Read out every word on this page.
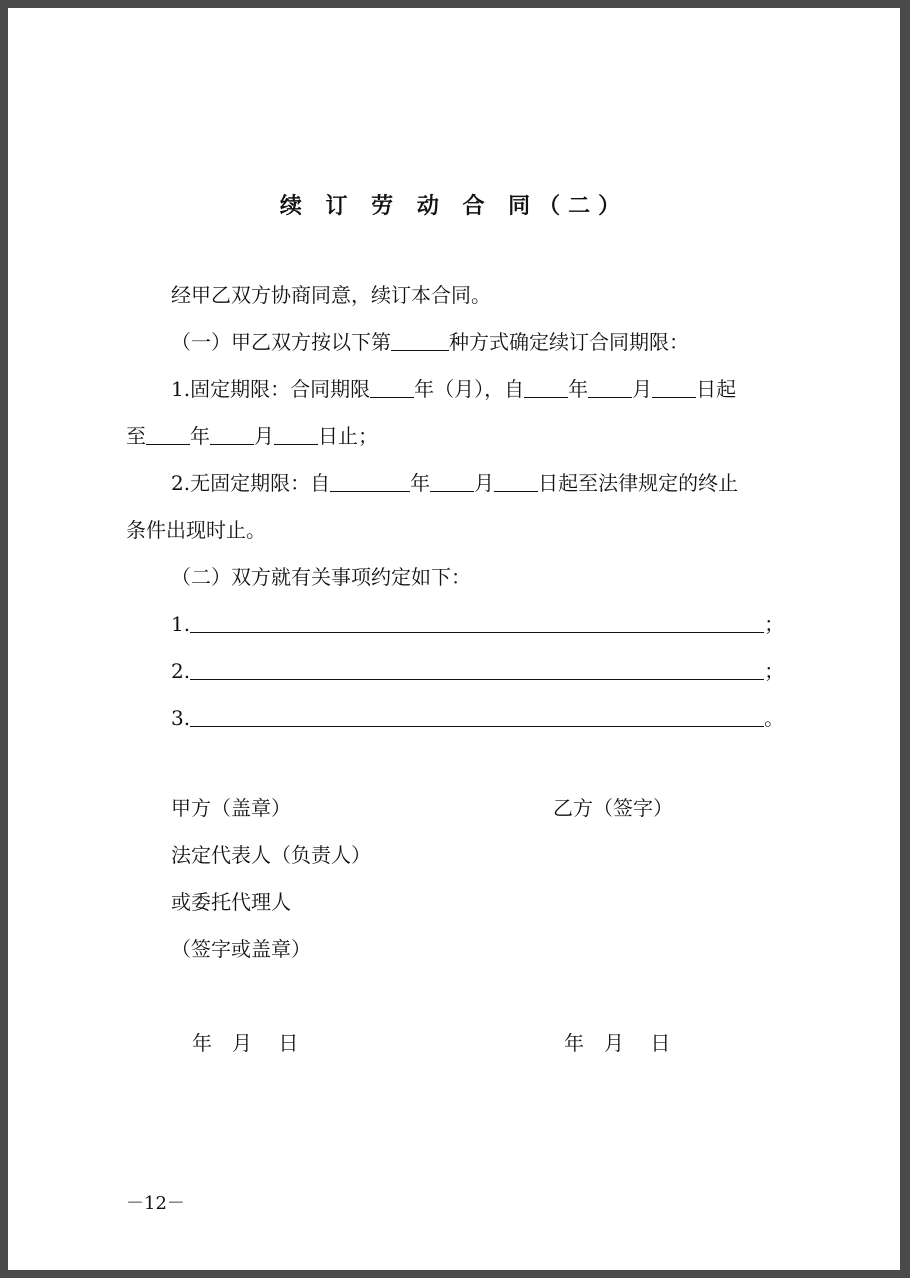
续 订 劳 动 合 同（二）
经甲乙双方协商同意，续订本合同。
（一）甲乙双方按以下第	种方式确定续订合同期限：
1.固定期限：合同期限 年（月），自 年 月 日起
至 年 月 日止；
2.无固定期限：自	年 月 日起至法律规定的终止
条件出现时止。
（二）双方就有关事项约定如下：
1.	；
2.	；
3.	。
甲方（盖章）	乙方（签字）
法定代表人（负责人）
或委托代理人
（签字或盖章）
年　月　 日	年　月　 日
－12－
